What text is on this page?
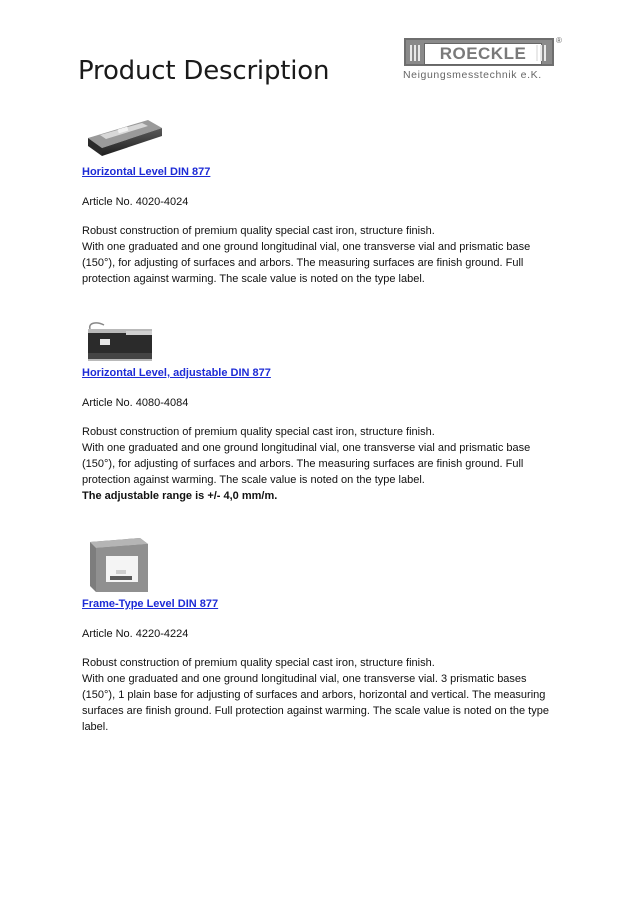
Product Description
ROECKLE
®
Neigungsmesstechnik e.K.
Horizontal Level DIN 877
Article No. 4020-4024

Robust construction of premium quality special cast iron, structure finish.

With one graduated and one ground longitudinal vial, one transverse vial and prismatic base (150°), for adjusting of surfaces and arbors. The measuring surfaces are finish ground. Full protection against warming. The scale value is noted on the type label.

Horizontal Level, adjustable DIN 877
Article No. 4080-4084

Robust construction of premium quality special cast iron, structure finish.

With one graduated and one ground longitudinal vial, one transverse vial and prismatic base (150°), for adjusting of surfaces and arbors. The measuring surfaces are finish ground. Full protection against warming. The scale value is noted on the type label.

The adjustable range is +/- 4,0 mm/m.

Frame-Type Level DIN 877
Article No. 4220-4224

Robust construction of premium quality special cast iron, structure finish.

With one graduated and one ground longitudinal vial, one transverse vial. 3 prismatic bases (150°), 1 plain base for adjusting of surfaces and arbors, horizontal and vertical. The measuring surfaces are finish ground. Full protection against warming. The scale value is noted on the type label.
